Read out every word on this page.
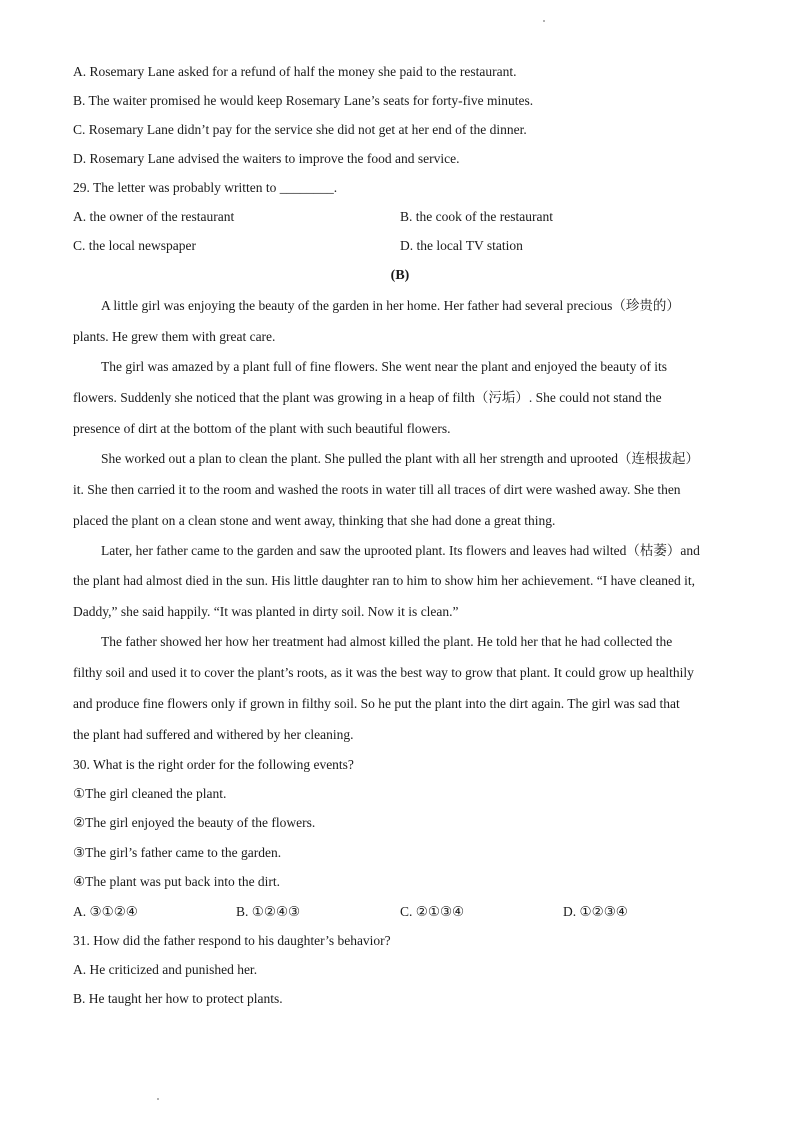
A. Rosemary Lane asked for a refund of half the money she paid to the restaurant.
B. The waiter promised he would keep Rosemary Lane’s seats for forty-five minutes.
C. Rosemary Lane didn’t pay for the service she did not get at her end of the dinner.
D. Rosemary Lane advised the waiters to improve the food and service.
29. The letter was probably written to ________.
A. the owner of the restaurant	B. the cook of the restaurant
C. the local newspaper	D. the local TV station
(B)
A little girl was enjoying the beauty of the garden in her home. Her father had several precious（珍贵的）
plants. He grew them with great care.
The girl was amazed by a plant full of fine flowers. She went near the plant and enjoyed the beauty of its
flowers. Suddenly she noticed that the plant was growing in a heap of filth（污垢）. She could not stand the
presence of dirt at the bottom of the plant with such beautiful flowers.
She worked out a plan to clean the plant. She pulled the plant with all her strength and uprooted（连根拔起）
it. She then carried it to the room and washed the roots in water till all traces of dirt were washed away. She then
placed the plant on a clean stone and went away, thinking that she had done a great thing.
Later, her father came to the garden and saw the uprooted plant. Its flowers and leaves had wilted（枯萎）and
the plant had almost died in the sun. His little daughter ran to him to show him her achievement. “I have cleaned it,
Daddy,” she said happily. “It was planted in dirty soil. Now it is clean.”
The father showed her how her treatment had almost killed the plant. He told her that he had collected the
filthy soil and used it to cover the plant’s roots, as it was the best way to grow that plant. It could grow up healthily
and produce fine flowers only if grown in filthy soil. So he put the plant into the dirt again. The girl was sad that
the plant had suffered and withered by her cleaning.
30. What is the right order for the following events?
①The girl cleaned the plant.
②The girl enjoyed the beauty of the flowers.
③The girl’s father came to the garden.
④The plant was put back into the dirt.
A. ③①②④	B. ①②④③	C. ②①③④	D. ①②③④
31. How did the father respond to his daughter’s behavior?
A. He criticized and punished her.
B. He taught her how to protect plants.
